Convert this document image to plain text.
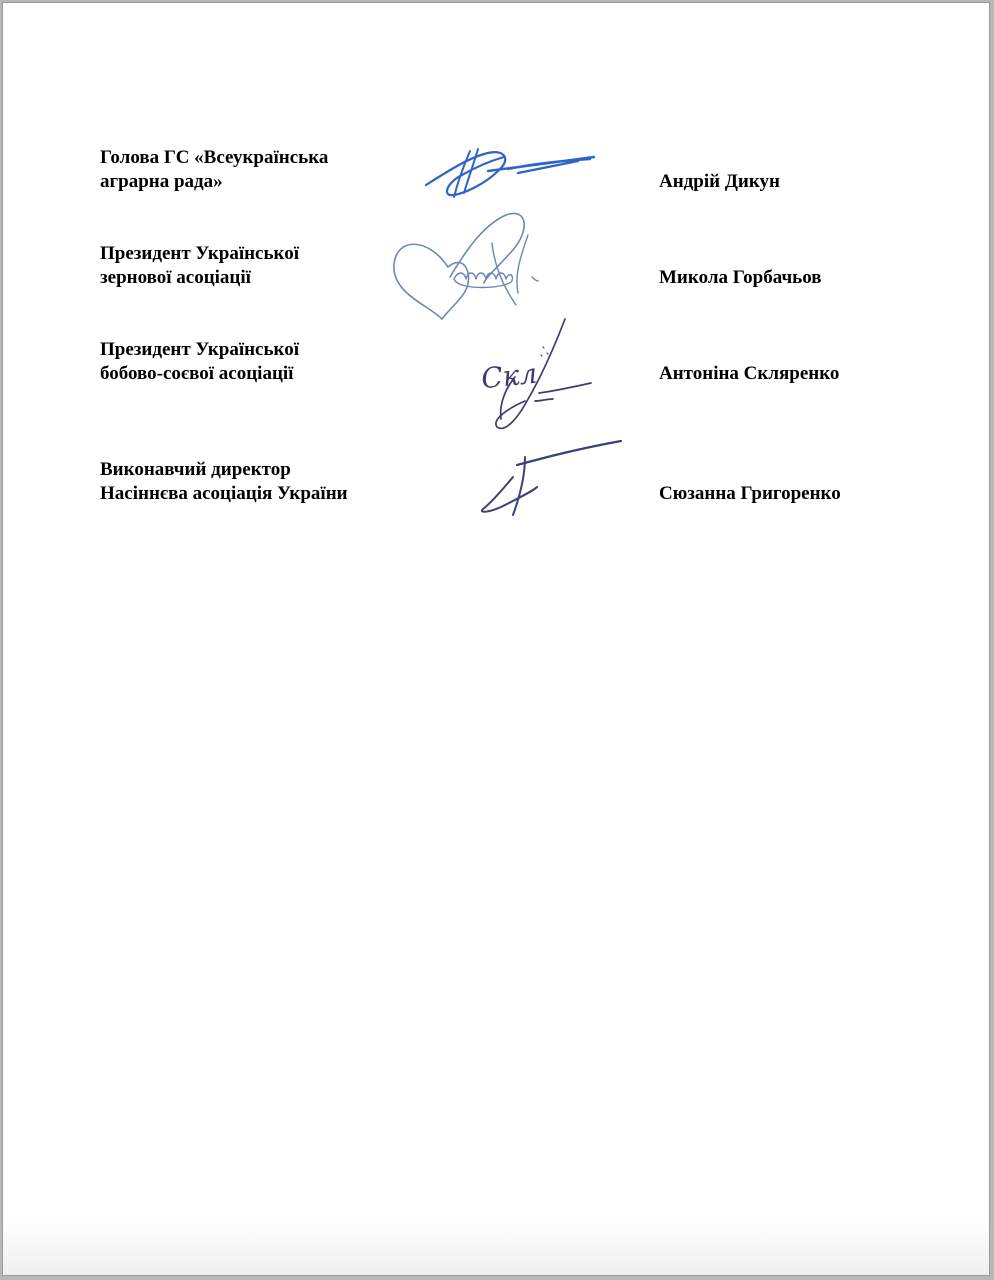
Голова ГС «Всеукраїнська
аграрна рада»	Андрій Дикун
Президент Української
зернової асоціації	Микола Горбачьов
Президент Української
бобово-соєвої асоціації	Скл	Антоніна Скляренко
Виконавчий директор
Насіннєва асоціація України	Сюзанна Григоренко
